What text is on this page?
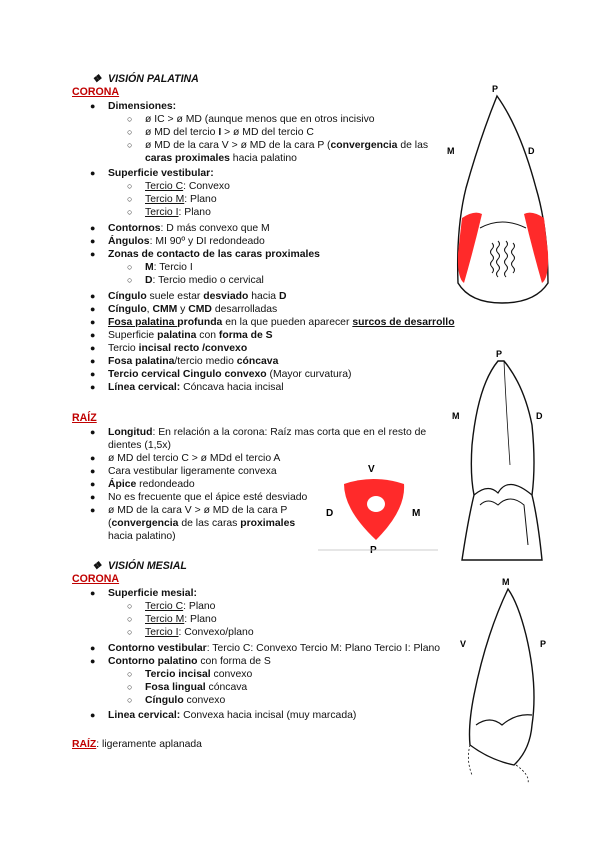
❖ VISIÓN PALATINA
CORONA
● Dimensiones:
○ ø IC > ø MD (aunque menos que en otros incisivo
○ ø MD del tercio I > ø MD del tercio C
○ ø MD de la cara V > ø MD de la cara P (convergencia de las
caras proximales hacia palatino
● Superficie vestibular:
○ Tercio C: Convexo
○ Tercio M: Plano
○ Tercio I: Plano
● Contornos: D más convexo que M
● Ángulos: MI 90º y DI redondeado
● Zonas de contacto de las caras proximales
○ M: Tercio I
○ D: Tercio medio o cervical
● Cíngulo suele estar desviado hacia D
● Cíngulo, CMM y CMD desarrolladas
● Fosa palatina profunda en la que pueden aparecer surcos de desarrollo
● Superficie palatina con forma de S
● Tercio incisal recto /convexo
● Fosa palatina/tercio medio cóncava
● Tercio cervical Cingulo convexo (Mayor curvatura)
● Línea cervical: Cóncava hacia incisal
RAÍZ
● Longitud: En relación a la corona: Raíz mas corta que en el resto de
dientes (1,5x)
● ø MD del tercio C > ø MDd el tercio A
● Cara vestibular ligeramente convexa
● Ápice redondeado
● No es frecuente que el ápice esté desviado
● ø MD de la cara V > ø MD de la cara P
(convergencia de las caras proximales
hacia palatino)
❖ VISIÓN MESIAL
CORONA
● Superficie mesial:
○ Tercio C: Plano
○ Tercio M: Plano
○ Tercio I: Convexo/plano
● Contorno vestibular: Tercio C: Convexo Tercio M: Plano Tercio I: Plano
● Contorno palatino con forma de S
○ Tercio incisal convexo
○ Fosa lingual cóncava
○ Cíngulo convexo
● Linea cervical: Convexa hacia incisal (muy marcada)
RAÍZ: ligeramente aplanada
P
M	D
P
M	D
V
D	M
P
M
V	P
